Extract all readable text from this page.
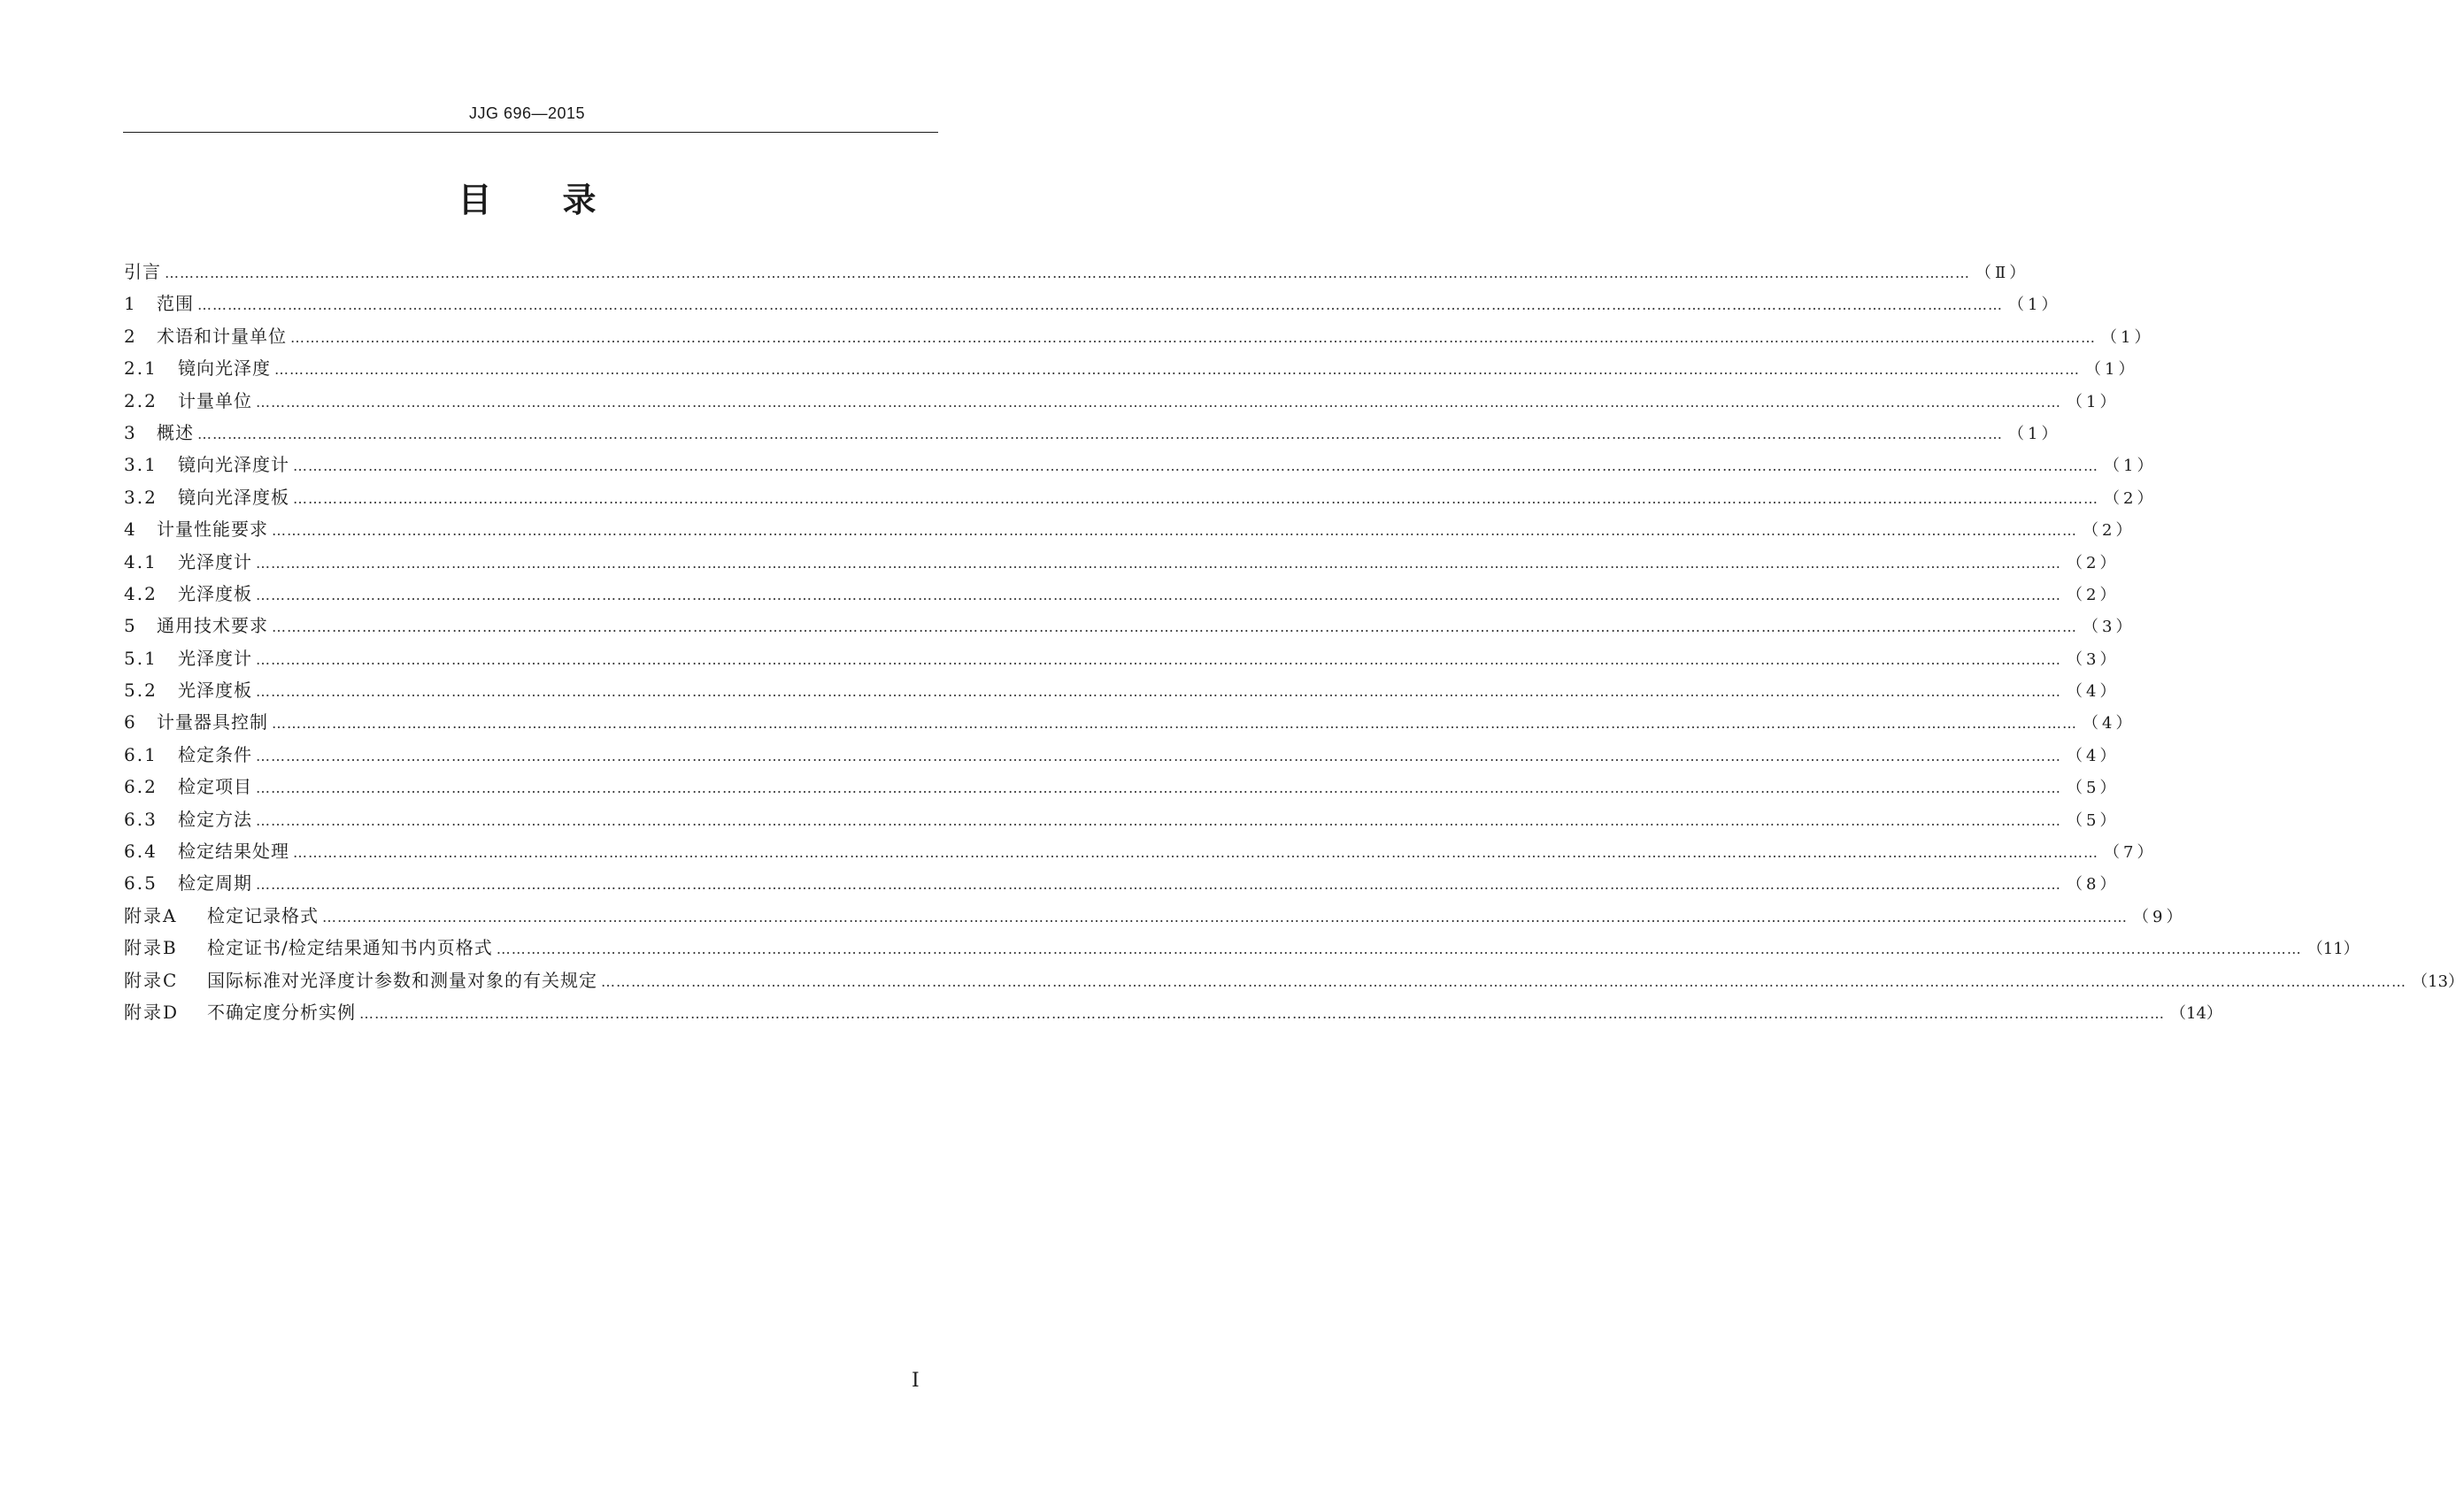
JJG 696—2015
目录
引言 ……………………………………………………………………………………………………………………………………………………………………………………………………………………………………………………………………………………………………………………………… （Ⅱ）
1	范围 ……………………………………………………………………………………………………………………………………………………………………………………………………………………………………………………………………………………………………………………………… （1）
2	术语和计量单位 ……………………………………………………………………………………………………………………………………………………………………………………………………………………………………………………………………………………………………………………………… （1）
2.1	镜向光泽度 ……………………………………………………………………………………………………………………………………………………………………………………………………………………………………………………………………………………………………………………………… （1）
2.2	计量单位 ……………………………………………………………………………………………………………………………………………………………………………………………………………………………………………………………………………………………………………………………… （1）
3	概述 ……………………………………………………………………………………………………………………………………………………………………………………………………………………………………………………………………………………………………………………………… （1）
3.1	镜向光泽度计 ……………………………………………………………………………………………………………………………………………………………………………………………………………………………………………………………………………………………………………………………… （1）
3.2	镜向光泽度板 ……………………………………………………………………………………………………………………………………………………………………………………………………………………………………………………………………………………………………………………………… （2）
4	计量性能要求 ……………………………………………………………………………………………………………………………………………………………………………………………………………………………………………………………………………………………………………………………… （2）
4.1	光泽度计 ……………………………………………………………………………………………………………………………………………………………………………………………………………………………………………………………………………………………………………………………… （2）
4.2	光泽度板 ……………………………………………………………………………………………………………………………………………………………………………………………………………………………………………………………………………………………………………………………… （2）
5	通用技术要求 ……………………………………………………………………………………………………………………………………………………………………………………………………………………………………………………………………………………………………………………………… （3）
5.1	光泽度计 ……………………………………………………………………………………………………………………………………………………………………………………………………………………………………………………………………………………………………………………………… （3）
5.2	光泽度板 ……………………………………………………………………………………………………………………………………………………………………………………………………………………………………………………………………………………………………………………………… （4）
6	计量器具控制 ……………………………………………………………………………………………………………………………………………………………………………………………………………………………………………………………………………………………………………………………… （4）
6.1	检定条件 ……………………………………………………………………………………………………………………………………………………………………………………………………………………………………………………………………………………………………………………………… （4）
6.2	检定项目 ……………………………………………………………………………………………………………………………………………………………………………………………………………………………………………………………………………………………………………………………… （5）
6.3	检定方法 ……………………………………………………………………………………………………………………………………………………………………………………………………………………………………………………………………………………………………………………………… （5）
6.4	检定结果处理 ……………………………………………………………………………………………………………………………………………………………………………………………………………………………………………………………………………………………………………………………… （7）
6.5	检定周期 ……………………………………………………………………………………………………………………………………………………………………………………………………………………………………………………………………………………………………………………………… （8）
附录A	检定记录格式 ……………………………………………………………………………………………………………………………………………………………………………………………………………………………………………………………………………………………………………………………… （9）
附录B	检定证书/检定结果通知书内页格式 ……………………………………………………………………………………………………………………………………………………………………………………………………………………………………………………………………………………………………………………………… （11）
附录C	国际标准对光泽度计参数和测量对象的有关规定 ……………………………………………………………………………………………………………………………………………………………………………………………………………………………………………………………………………………………………………………………… （13）
附录D	不确定度分析实例 ……………………………………………………………………………………………………………………………………………………………………………………………………………………………………………………………………………………………………………………………… （14）
Ⅰ
